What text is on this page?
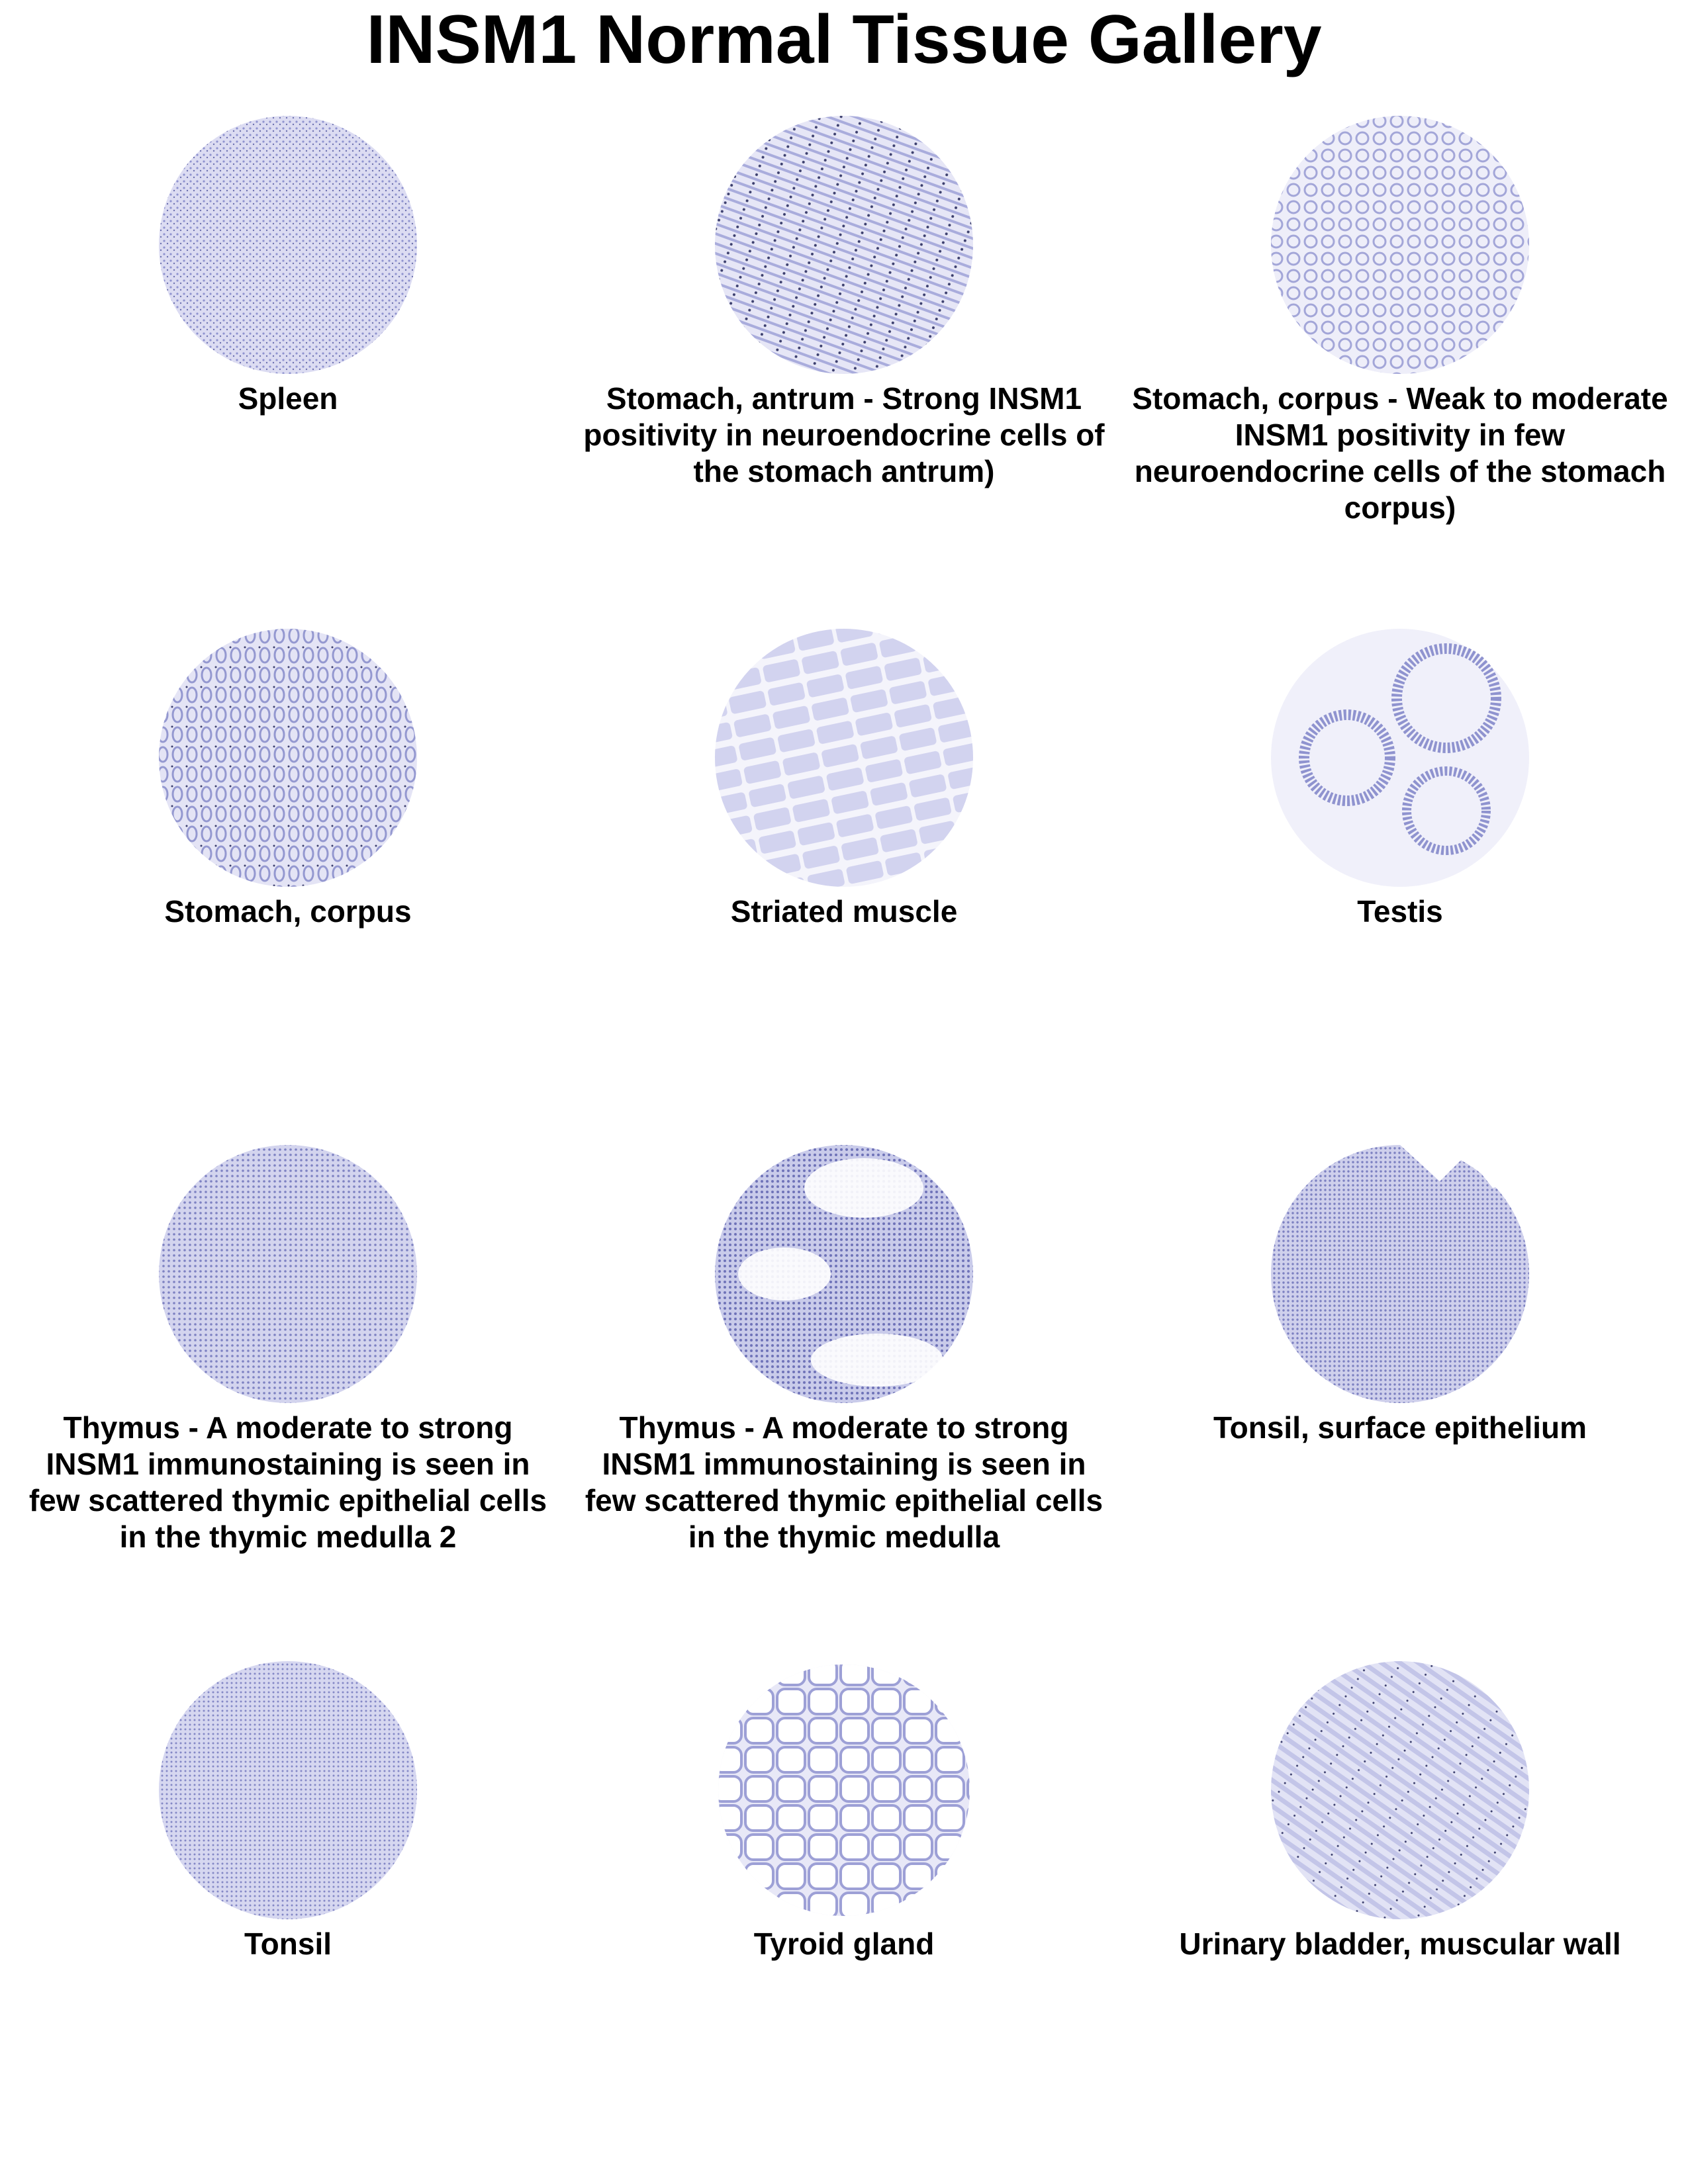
INSM1 Normal Tissue Gallery
Spleen	Stomach, antrum - Strong INSM1 positivity in neuroendocrine cells of the stomach antrum)
Stomach, corpus - Weak to moderate INSM1 positivity in few neuroendocrine cells of the stomach corpus)
Stomach, corpus	Striated muscle	Testis
Thymus - A moderate to strong INSM1 immunostaining is seen in few scattered thymic epithelial cells in the thymic medulla 2
Thymus - A moderate to strong INSM1 immunostaining is seen in few scattered thymic epithelial cells in the thymic medulla
Tonsil, surface epithelium
Tonsil	Tyroid gland	Urinary bladder, muscular wall
